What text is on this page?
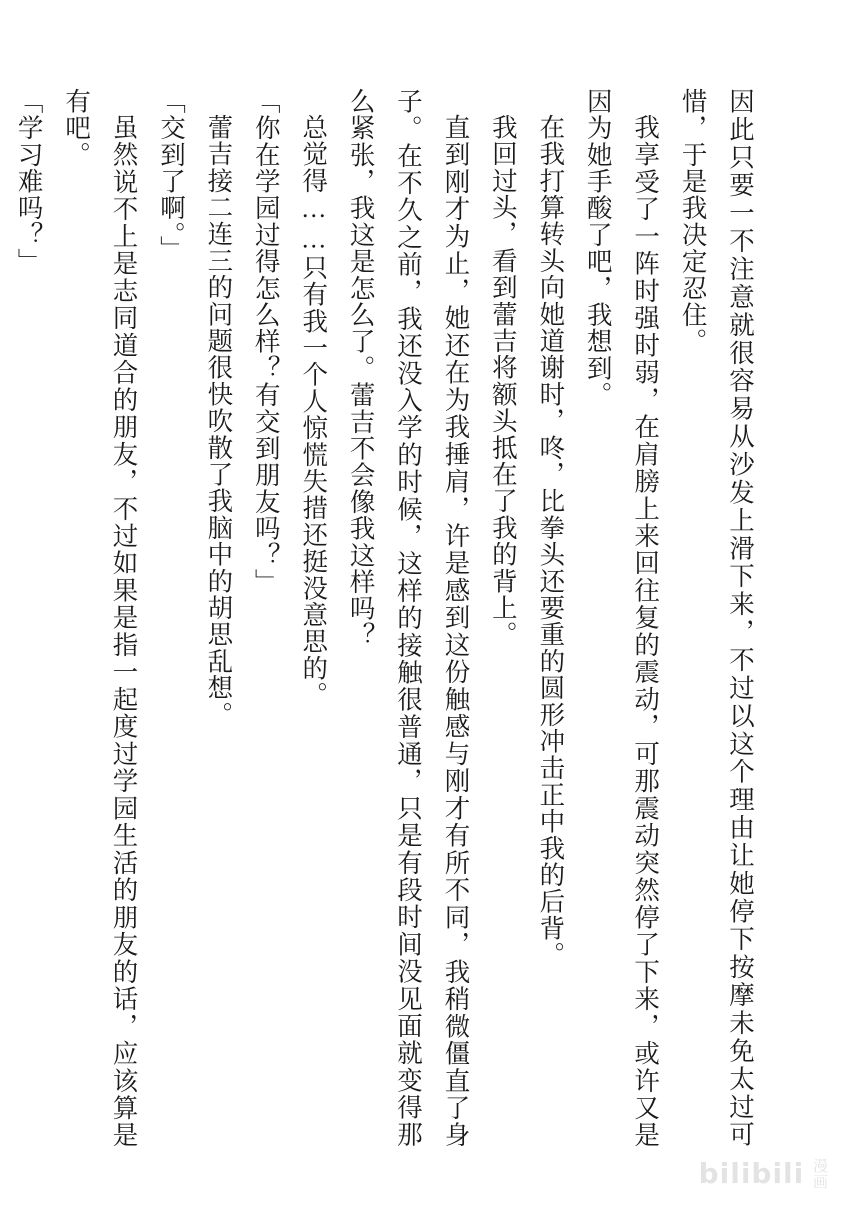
因此只要一不注意就很容易从沙发上滑下来，不过以这个理由让她停下按摩未免太过可惜，于是我决定忍住。

我享受了一阵时强时弱，在肩膀上来回往复的震动，可那震动突然停了下来，或许又是因为她手酸了吧，我想到。

在我打算转头向她道谢时，咚，比拳头还要重的圆形冲击正中我的后背。

我回过头，看到蕾吉将额头抵在了我的背上。

直到刚才为止，她还在为我捶肩，许是感到这份触感与刚才有所不同，我稍微僵直了身子。在不久之前，我还没入学的时候，这样的接触很普通，只是有段时间没见面就变得那么紧张，我这是怎么了。蕾吉不会像我这样吗？

总觉得……只有我一个人惊慌失措还挺没意思的。

「你在学园过得怎么样？有交到朋友吗？」

蕾吉接二连三的问题很快吹散了我脑中的胡思乱想。

「交到了啊。」

虽然说不上是志同道合的朋友，不过如果是指一起度过学园生活的朋友的话，应该算是有吧。

「学习难吗？」

bilibili 漫画
